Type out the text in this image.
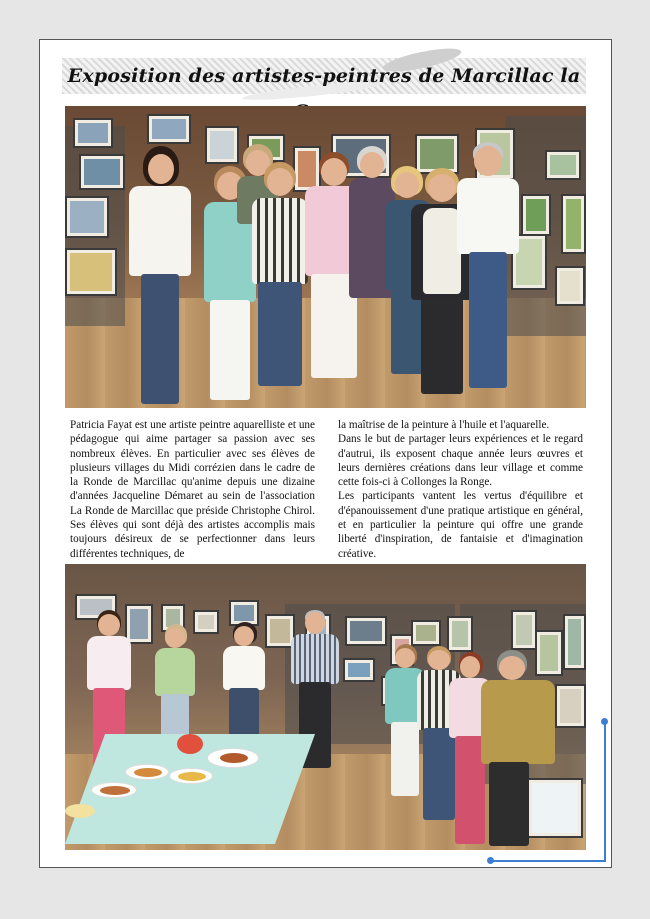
Exposition des artistes-peintres de Marcillac la

Patricia Fayat est une artiste peintre aquarelliste et une pédagogue qui aime partager sa passion avec ses nombreux élèves. En particulier avec ses élèves de plusieurs villages du Midi corrézien dans le cadre de la Ronde de Marcillac qu'anime depuis une dizaine d'années Jacqueline Démaret au sein de l'association La Ronde de Marcillac que préside Christophe Chirol. Ses élèves qui sont déjà des artistes accomplis mais toujours désireux de se perfectionner dans leurs différentes techniques, de

la maîtrise de la peinture à l'huile et l'aquarelle.

Dans le but de partager leurs expériences et le regard d'autrui, ils exposent chaque année leurs œuvres et leurs dernières créations dans leur village et comme cette fois-ci à Collonges la Ronge.

Les participants vantent les vertus d'équilibre et d'épanouissement d'une pratique artistique en général, et en particulier la peinture qui offre une grande liberté d'inspiration, de fantaisie et d'imagination créative.
